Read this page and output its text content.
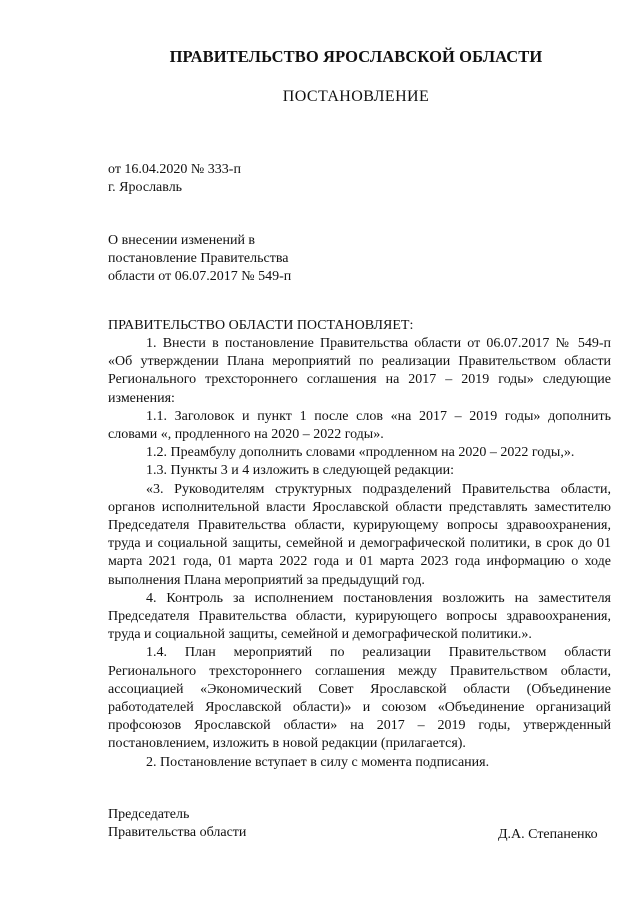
ПРАВИТЕЛЬСТВО ЯРОСЛАВСКОЙ ОБЛАСТИ
ПОСТАНОВЛЕНИЕ
от 16.04.2020 № 333-п
г. Ярославль
О внесении изменений в
постановление Правительства
области от 06.07.2017 № 549-п
ПРАВИТЕЛЬСТВО ОБЛАСТИ ПОСТАНОВЛЯЕТ:

1. Внести в постановление Правительства области от 06.07.2017 № 549-п «Об утверждении Плана мероприятий по реализации Правительством области Регионального трехстороннего соглашения на 2017 – 2019 годы» следующие изменения:

1.1. Заголовок и пункт 1 после слов «на 2017 – 2019 годы» дополнить словами «, продленного на 2020 – 2022 годы».

1.2. Преамбулу дополнить словами «продленном на 2020 – 2022 годы,».

1.3. Пункты 3 и 4 изложить в следующей редакции:

«3. Руководителям структурных подразделений Правительства области, органов исполнительной власти Ярославской области представлять заместителю Председателя Правительства области, курирующему вопросы здравоохранения, труда и социальной защиты, семейной и демографической политики, в срок до 01 марта 2021 года, 01 марта 2022 года и 01 марта 2023 года информацию о ходе выполнения Плана мероприятий за предыдущий год.

4. Контроль за исполнением постановления возложить на заместителя Председателя Правительства области, курирующего вопросы здравоохранения, труда и социальной защиты, семейной и демографической политики.».

1.4. План мероприятий по реализации Правительством области Регионального трехстороннего соглашения между Правительством области, ассоциацией «Экономический Совет Ярославской области (Объединение работодателей Ярославской области)» и союзом «Объединение организаций профсоюзов Ярославской области» на 2017 – 2019 годы, утвержденный постановлением, изложить в новой редакции (прилагается).

2. Постановление вступает в силу с момента подписания.

Председатель
Правительства области	Д.А. Степаненко
